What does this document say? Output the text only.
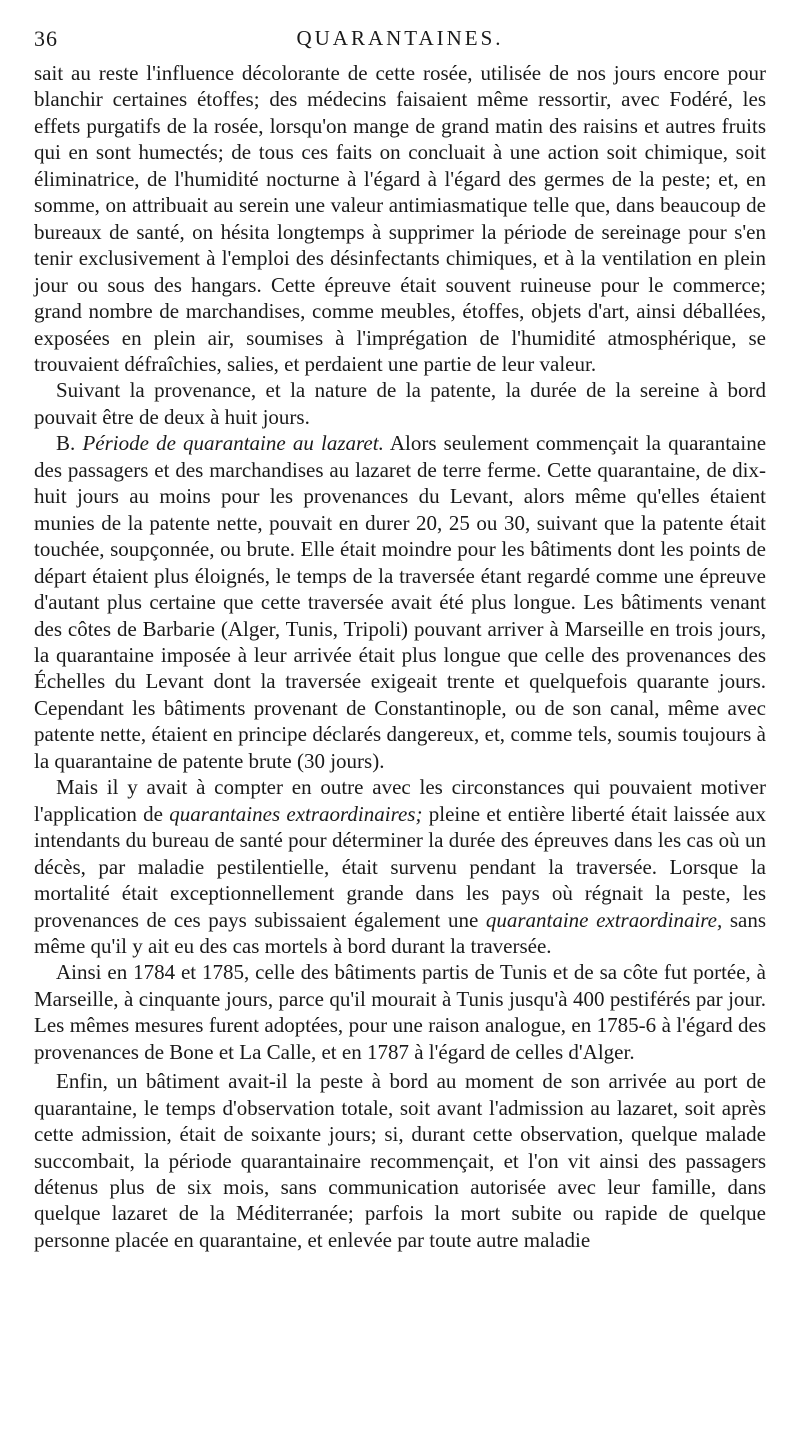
36	QUARANTAINES.

sait au reste l'influence décolorante de cette rosée, utilisée de nos jours encore pour blanchir certaines étoffes; des médecins faisaient même ressortir, avec Fodéré, les effets purgatifs de la rosée, lorsqu'on mange de grand matin des raisins et autres fruits qui en sont humectés; de tous ces faits on concluait à une action soit chimique, soit éliminatrice, de l'humidité nocturne à l'égard à l'égard des germes de la peste; et, en somme, on attribuait au serein une valeur antimiasmatique telle que, dans beaucoup de bureaux de santé, on hésita longtemps à supprimer la période de sereinage pour s'en tenir exclusivement à l'emploi des désinfectants chimiques, et à la ventilation en plein jour ou sous des hangars. Cette épreuve était souvent ruineuse pour le commerce; grand nombre de marchandises, comme meubles, étoffes, objets d'art, ainsi déballées, exposées en plein air, soumises à l'imprégation de l'humidité atmosphérique, se trouvaient défraîchies, salies, et perdaient une partie de leur valeur.

Suivant la provenance, et la nature de la patente, la durée de la sereine à bord pouvait être de deux à huit jours.

B. Période de quarantaine au lazaret. Alors seulement commençait la quarantaine des passagers et des marchandises au lazaret de terre ferme. Cette quarantaine, de dix-huit jours au moins pour les provenances du Levant, alors même qu'elles étaient munies de la patente nette, pouvait en durer 20, 25 ou 30, suivant que la patente était touchée, soupçonnée, ou brute. Elle était moindre pour les bâtiments dont les points de départ étaient plus éloignés, le temps de la traversée étant regardé comme une épreuve d'autant plus certaine que cette traversée avait été plus longue. Les bâtiments venant des côtes de Barbarie (Alger, Tunis, Tripoli) pouvant arriver à Marseille en trois jours, la quarantaine imposée à leur arrivée était plus longue que celle des provenances des Échelles du Levant dont la traversée exigeait trente et quelquefois quarante jours. Cependant les bâtiments provenant de Constantinople, ou de son canal, même avec patente nette, étaient en principe déclarés dangereux, et, comme tels, soumis toujours à la quarantaine de patente brute (30 jours).

Mais il y avait à compter en outre avec les circonstances qui pouvaient motiver l'application de quarantaines extraordinaires; pleine et entière liberté était laissée aux intendants du bureau de santé pour déterminer la durée des épreuves dans les cas où un décès, par maladie pestilentielle, était survenu pendant la traversée. Lorsque la mortalité était exceptionnellement grande dans les pays où régnait la peste, les provenances de ces pays subissaient également une quarantaine extraordinaire, sans même qu'il y ait eu des cas mortels à bord durant la traversée.

Ainsi en 1784 et 1785, celle des bâtiments partis de Tunis et de sa côte fut portée, à Marseille, à cinquante jours, parce qu'il mourait à Tunis jusqu'à 400 pestiférés par jour. Les mêmes mesures furent adoptées, pour une raison analogue, en 1785-6 à l'égard des provenances de Bone et La Calle, et en 1787 à l'égard de celles d'Alger.

Enfin, un bâtiment avait-il la peste à bord au moment de son arrivée au port de quarantaine, le temps d'observation totale, soit avant l'admission au lazaret, soit après cette admission, était de soixante jours; si, durant cette observation, quelque malade succombait, la période quarantainaire recommençait, et l'on vit ainsi des passagers détenus plus de six mois, sans communication autorisée avec leur famille, dans quelque lazaret de la Méditerranée; parfois la mort subite ou rapide de quelque personne placée en quarantaine, et enlevée par toute autre maladie
